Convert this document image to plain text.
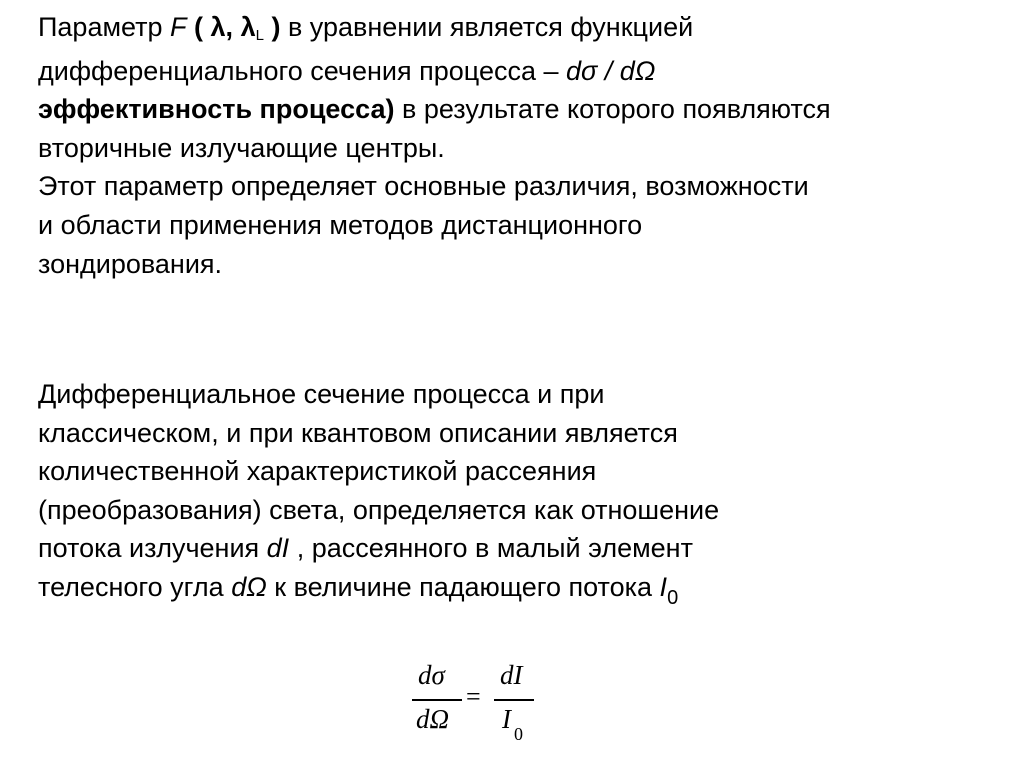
Параметр F ( λ, λL ) в уравнении является функцией
дифференциального сечения процесса – dσ / dΩ
эффективность процесса) в результате которого появляются
вторичные излучающие центры.
Этот параметр определяет основные различия, возможности
и области применения методов дистанционного
зондирования.
Дифференциальное сечение процесса и при
классическом, и при квантовом описании является
количественной характеристикой рассеяния
(преобразования) света, определяется как отношение
потока излучения dI , рассеянного в малый элемент
телесного угла dΩ к величине падающего потока $I_0$
dσ
dΩ
=
dI
I 0
